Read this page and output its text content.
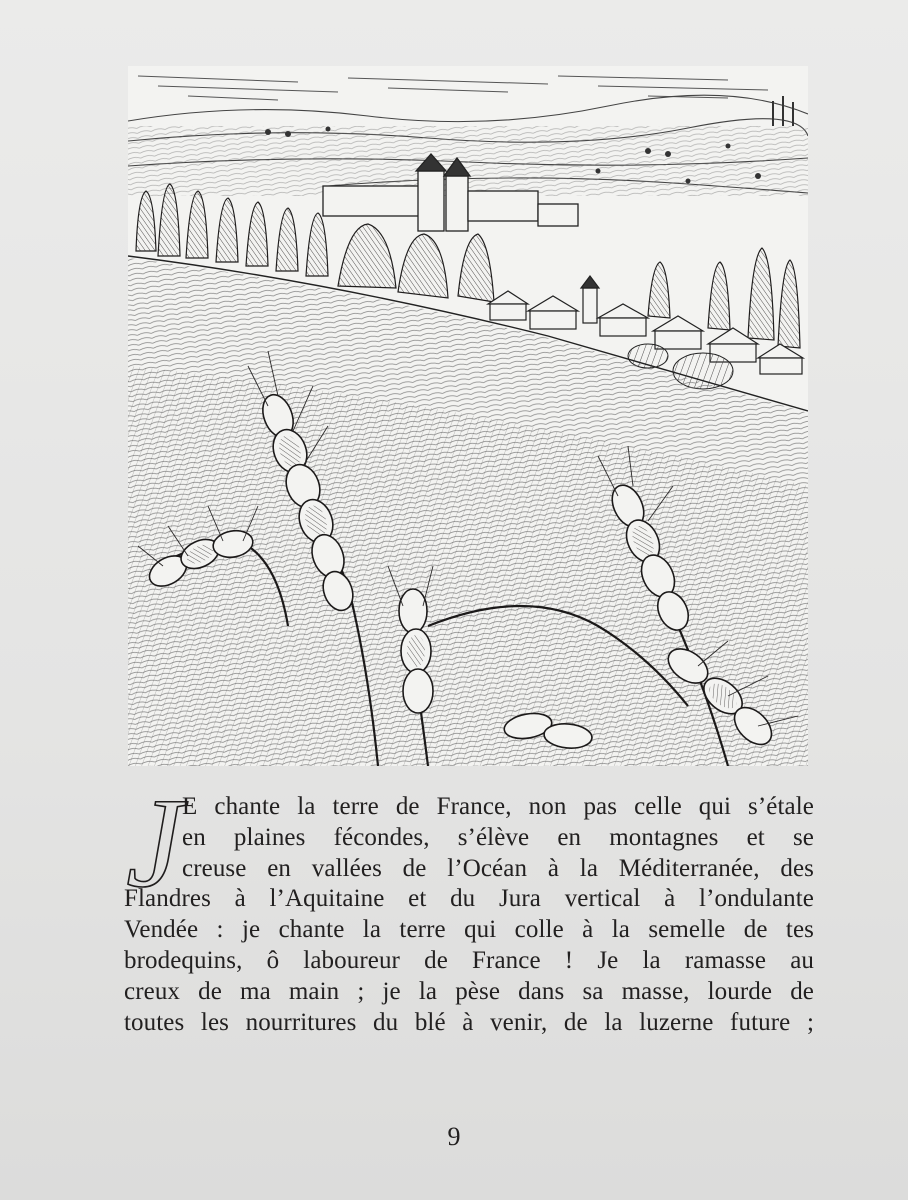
J E chante la terre de France, non pas celle qui s’étale
en plaines fécondes, s’élève en montagnes et se
creuse en vallées de l’Océan à la Méditerranée, des
Flandres à l’Aquitaine et du Jura vertical à l’ondulante
Vendée : je chante la terre qui colle à la semelle de tes
brodequins, ô laboureur de France ! Je la ramasse au
creux de ma main ; je la pèse dans sa masse, lourde de
toutes les nourritures du blé à venir, de la luzerne future ;
9
